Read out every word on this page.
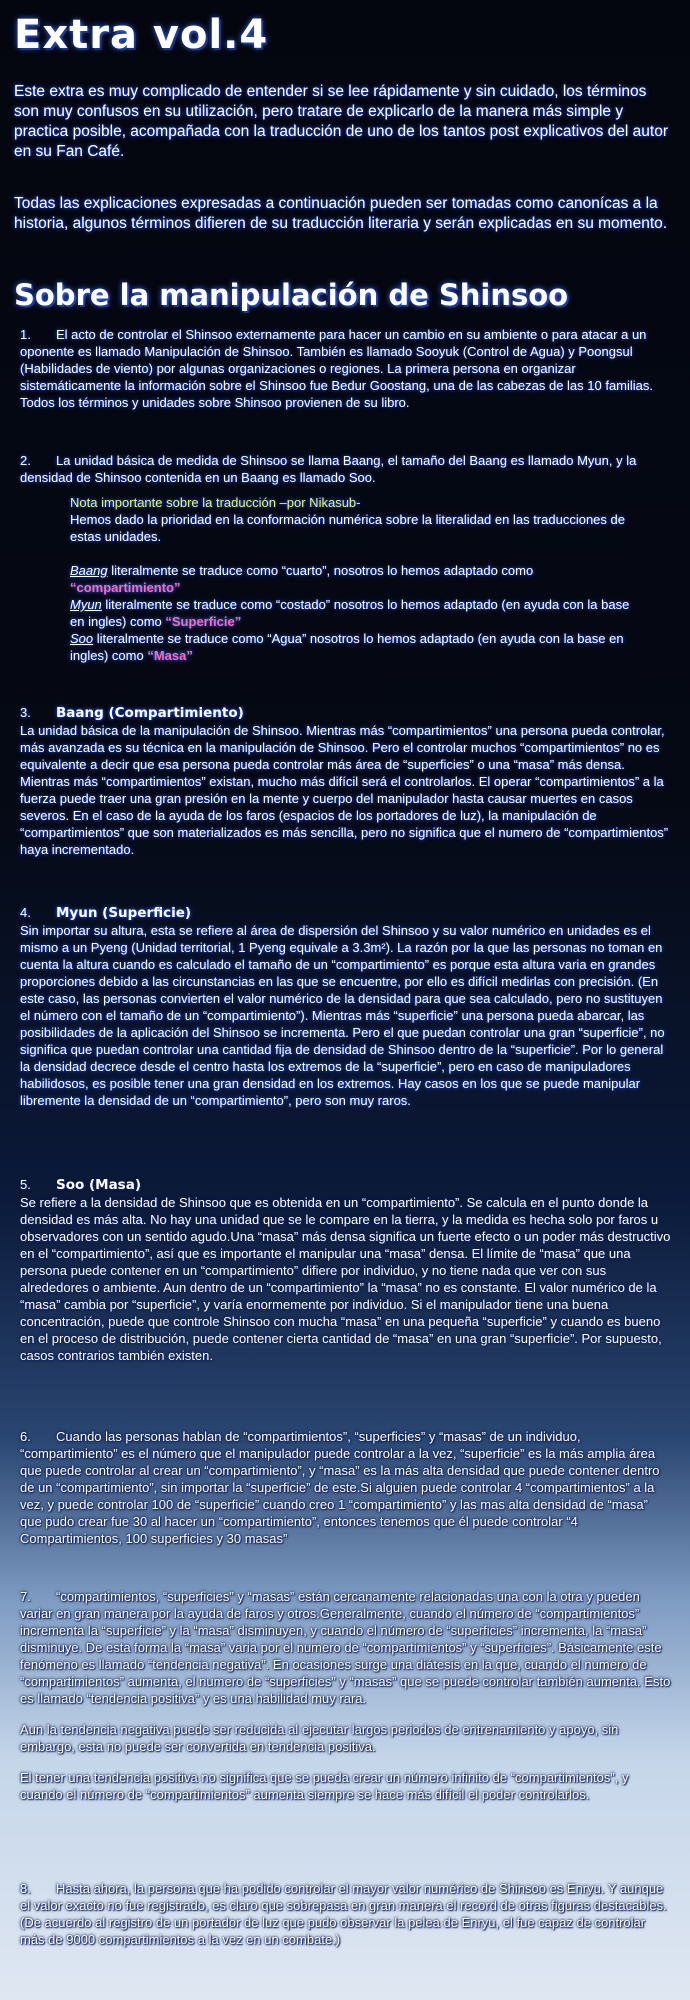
Extra vol.4
Este extra es muy complicado de entender si se lee rápidamente y sin cuidado, los términos son muy confusos en su utilización, pero tratare de explicarlo de la manera más simple y practica posible, acompañada con la traducción de uno de los tantos post explicativos del autor en su Fan Café.
Todas las explicaciones expresadas a continuación pueden ser tomadas como canonícas a la historia, algunos términos difieren de su traducción literaria y serán explicadas en su momento.
Sobre la manipulación de Shinsoo
1. El acto de controlar el Shinsoo externamente para hacer un cambio en su ambiente o para atacar a un oponente es llamado Manipulación de Shinsoo. También es llamado Sooyuk (Control de Agua) y Poongsul (Habilidades de viento) por algunas organizaciones o regiones. La primera persona en organizar sistemáticamente la información sobre el Shinsoo fue Bedur Goostang, una de las cabezas de las 10 familias. Todos los términos y unidades sobre Shinsoo provienen de su libro.
2. La unidad básica de medida de Shinsoo se llama Baang, el tamaño del Baang es llamado Myun, y la densidad de Shinsoo contenida en un Baang es llamado Soo.
Nota importante sobre la traducción –por Nikasub-
Hemos dado la prioridad en la conformación numérica sobre la literalidad en las traducciones de estas unidades.
Baang literalmente se traduce como “cuarto”, nosotros lo hemos adaptado como “compartimiento”
Myun literalmente se traduce como “costado” nosotros lo hemos adaptado (en ayuda con la base en ingles) como “Superficie”
Soo literalmente se traduce como “Agua” nosotros lo hemos adaptado (en ayuda con la base en ingles) como “Masa”
3. Baang (Compartimiento)
La unidad básica de la manipulación de Shinsoo. Mientras más “compartimientos” una persona pueda controlar, más avanzada es su técnica en la manipulación de Shinsoo. Pero el controlar muchos “compartimientos” no es equivalente a decir que esa persona pueda controlar más área de “superficies” o una “masa” más densa. Mientras más “compartimientos” existan, mucho más difícil será el controlarlos. El operar “compartimientos” a la fuerza puede traer una gran presión en la mente y cuerpo del manipulador hasta causar muertes en casos severos. En el caso de la ayuda de los faros (espacios de los portadores de luz), la manipulación de “compartimientos” que son materializados es más sencilla, pero no significa que el numero de “compartimientos” haya incrementado.
4. Myun (Superficie)
Sin importar su altura, esta se refiere al área de dispersión del Shinsoo y su valor numérico en unidades es el mismo a un Pyeng (Unidad territorial, 1 Pyeng equivale a 3.3m²). La razón por la que las personas no toman en cuenta la altura cuando es calculado el tamaño de un “compartimiento” es porque esta altura varia en grandes proporciones debido a las circunstancias en las que se encuentre, por ello es difícil medirlas con precisión. (En este caso, las personas convierten el valor numérico de la densidad para que sea calculado, pero no sustituyen el número con el tamaño de un “compartimiento”). Mientras más “superficie” una persona pueda abarcar, las posibilidades de la aplicación del Shinsoo se incrementa. Pero el que puedan controlar una gran “superficie”, no significa que puedan controlar una cantidad fija de densidad de Shinsoo dentro de la “superficie”. Por lo general la densidad decrece desde el centro hasta los extremos de la “superficie”, pero en caso de manipuladores habilidosos, es posible tener una gran densidad en los extremos. Hay casos en los que se puede manipular libremente la densidad de un “compartimiento”, pero son muy raros.
5. Soo (Masa)
Se refiere a la densidad de Shinsoo que es obtenida en un “compartimiento”. Se calcula en el punto donde la densidad es más alta. No hay una unidad que se le compare en la tierra, y la medida es hecha solo por faros u observadores con un sentido agudo.Una “masa” más densa significa un fuerte efecto o un poder más destructivo en el “compartimiento”, así que es importante el manipular una “masa” densa. El límite de “masa” que una persona puede contener en un “compartimiento” difiere por individuo, y no tiene nada que ver con sus alrededores o ambiente. Aun dentro de un “compartimiento” la “masa” no es constante. El valor numérico de la “masa” cambia por “superficie”, y varía enormemente por individuo. Si el manipulador tiene una buena concentración, puede que controle Shinsoo con mucha “masa” en una pequeña “superficie” y cuando es bueno en el proceso de distribución, puede contener cierta cantidad de “masa” en una gran “superficie”. Por supuesto, casos contrarios también existen.
6. Cuando las personas hablan de “compartimientos”, “superficies” y “masas” de un individuo, “compartimiento” es el número que el manipulador puede controlar a la vez, “superficie” es la más amplia área que puede controlar al crear un “compartimiento”, y “masa” es la más alta densidad que puede contener dentro de un “compartimiento”, sin importar la “superficie” de este.Si alguien puede controlar 4 “compartimientos” a la vez, y puede controlar 100 de “superficie” cuando creo 1 “compartimiento” y las mas alta densidad de “masa” que pudo crear fue 30 al hacer un “compartimiento”, entonces tenemos que él puede controlar “4 Compartimientos, 100 superficies y 30 masas”
7. “compartimientos, “superficies” y “masas” están cercanamente relacionadas una con la otra y pueden variar en gran manera por la ayuda de faros y otros.Generalmente, cuando el número de “compartimientos” incrementa la “superficie” y la “masa” disminuyen, y cuando el número de “superficies” incrementa, la “masa” disminuye. De esta forma la “masa” varia por el numero de “compartimientos” y “superficies”. Básicamente este fenómeno es llamado “tendencia negativa”. En ocasiones surge una diátesis en la que, cuando el numero de “compartimientos” aumenta, el numero de “superficies” y “masas” que se puede controlar también aumenta. Esto es llamado “tendencia positiva” y es una habilidad muy rara.
Aun la tendencia negativa puede ser reducida al ejecutar largos periodos de entrenamiento y apoyo, sin embargo, esta no puede ser convertida en tendencia positiva.
El tener una tendencia positiva no significa que se pueda crear un número infinito de “compartimientos”, y cuando el número de “compartimientos” aumenta siempre se hace más difícil el poder controlarlos.
8. Hasta ahora, la persona que ha podido controlar el mayor valor numérico de Shinsoo es Enryu. Y aunque el valor exacto no fue registrado, es claro que sobrepasa en gran manera el record de otras figuras destacables. (De acuerdo al registro de un portador de luz que pudo observar la pelea de Enryu, el fue capaz de controlar más de 9000 compartimientos a la vez en un combate.)
